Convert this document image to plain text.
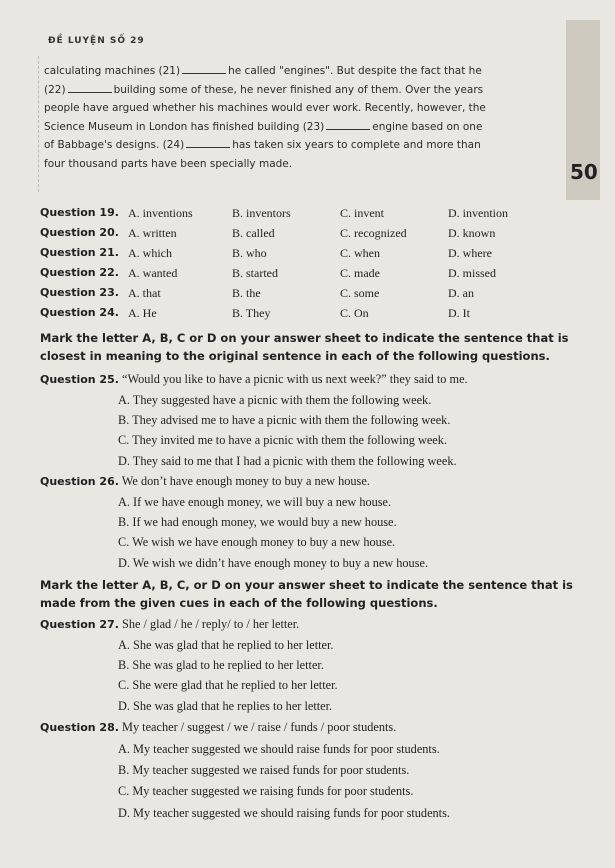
ĐỀ LUYỆN SỐ 29
calculating machines (21)	he called "engines". But despite the fact that he
(22)	building some of these, he never finished any of them. Over the years
people have argued whether his machines would ever work. Recently, however, the
Science Museum in London has finished building (23)	engine based on one
of Babbage's designs. (24)	has taken six years to complete and more than
four thousand parts have been specially made.	50
Question 19. A. inventions	B. inventors	C. invent	D. invention
Question 20. A. written	B. called	C. recognized	D. known
Question 21. A. which	B. who	C. when	D. where
Question 22. A. wanted	B. started	C. made	D. missed
Question 23. A. that	B. the	C. some	D. an
Question 24. A. He	B. They	C. On	D. It
Mark the letter A, B, C or D on your answer sheet to indicate the sentence that is closest in meaning to the original sentence in each of the following questions.
Question 25. “Would you like to have a picnic with us next week?” they said to me.
A. They suggested have a picnic with them the following week.
B. They advised me to have a picnic with them the following week.
C. They invited me to have a picnic with them the following week.
D. They said to me that I had a picnic with them the following week.
Question 26. We don’t have enough money to buy a new house.
A. If we have enough money, we will buy a new house.
B. If we had enough money, we would buy a new house.
C. We wish we have enough money to buy a new house.
D. We wish we didn’t have enough money to buy a new house.
Mark the letter A, B, C, or D on your answer sheet to indicate the sentence that is made from the given cues in each of the following questions.
Question 27. She / glad / he / reply/ to / her letter.
A. She was glad that he replied to her letter.
B. She was glad to he replied to her letter.
C. She were glad that he replied to her letter.
D. She was glad that he replies to her letter.
Question 28. My teacher / suggest / we / raise / funds / poor students.
A. My teacher suggested we should raise funds for poor students.
B. My teacher suggested we raised funds for poor students.
C. My teacher suggested we raising funds for poor students.
D. My teacher suggested we should raising funds for poor students.
